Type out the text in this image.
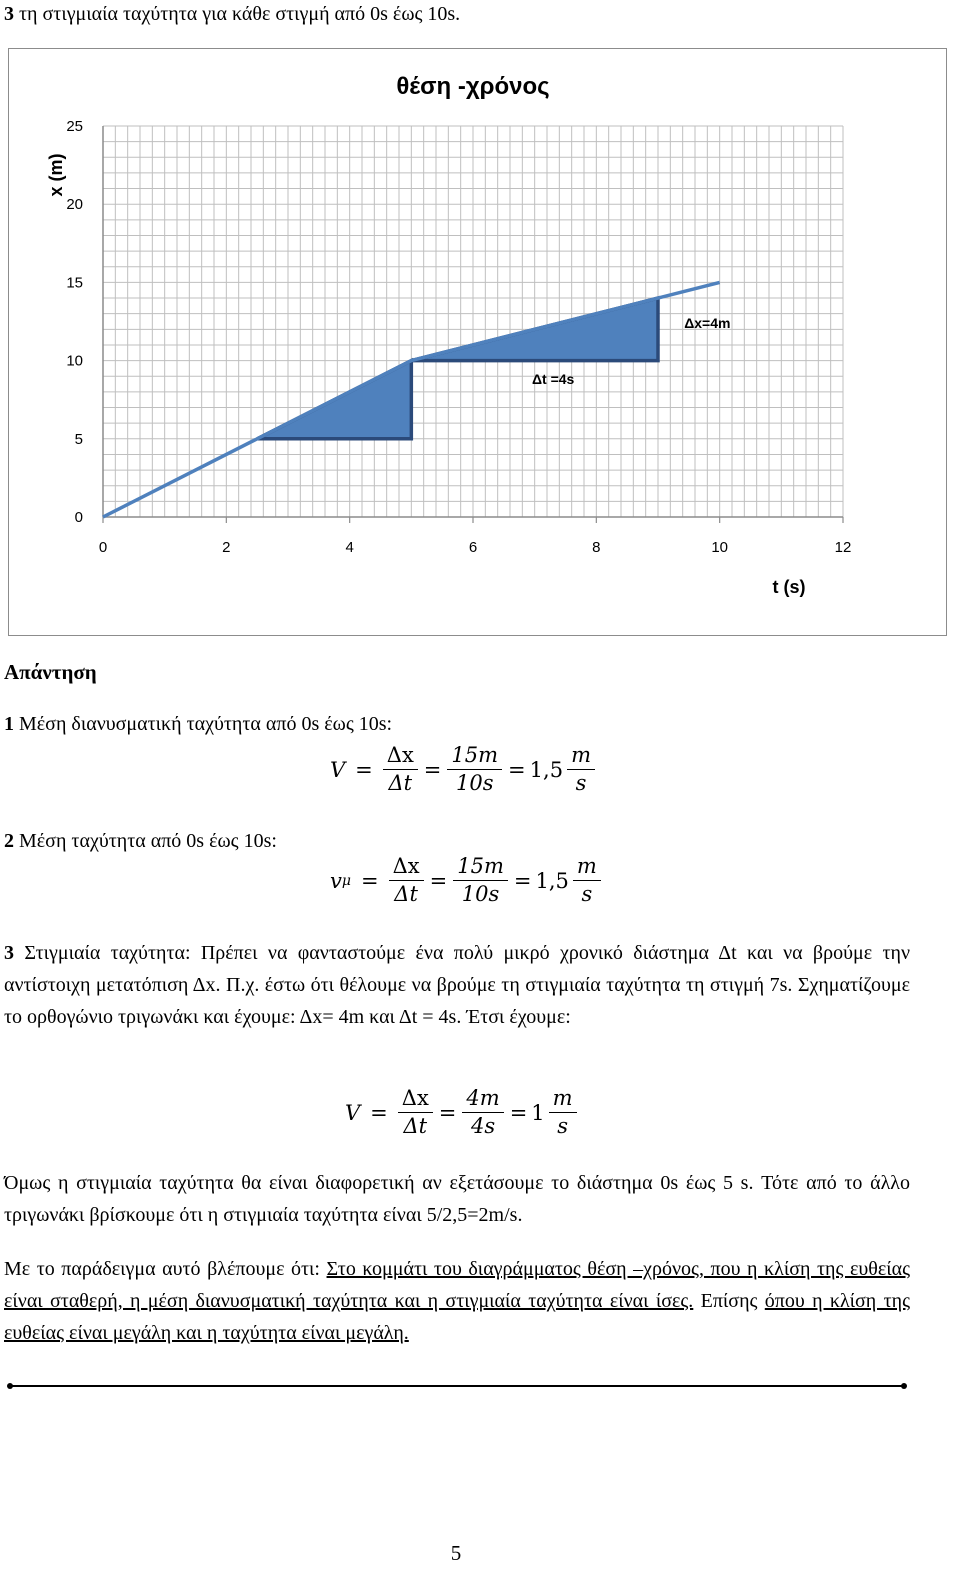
3 τη στιγμιαία ταχύτητα για κάθε στιγμή από 0s έως 10s.
0	2	4	6	8	10	12
0
5
10
15
20
25
θέση -χρόνος
t (s)
x (m)
Δx=4m
Δt =4s
Απάντηση
1 Μέση διανυσματική ταχύτητα από 0s έως 10s:
$V = \frac{\Delta x}{\Delta t} = \frac{15m}{10s} = 1,5 \frac{m}{s}$
2 Μέση ταχύτητα από 0s έως 10s:
v $\mu = \frac{\Delta x}{\Delta t} = \frac{15m}{10s} = 1,5 \frac{m}{s}$
3 Στιγμιαία ταχύτητα: Πρέπει να φανταστούμε ένα πολύ μικρό χρονικό διάστημα Δt και να βρούμε την αντίστοιχη μετατόπιση Δx. Π.χ. έστω ότι θέλουμε να βρούμε τη στιγμιαία ταχύτητα τη στιγμή 7s. Σχηματίζουμε το ορθογώνιο τριγωνάκι και έχουμε: Δx= 4m και Δt = 4s. Έτσι έχουμε:
$V = \frac{\Delta x}{\Delta t} = \frac{4m}{4s} = 1 \frac{m}{s}$
Όμως η στιγμιαία ταχύτητα θα είναι διαφορετική αν εξετάσουμε το διάστημα 0s έως 5 s. Τότε από το άλλο τριγωνάκι βρίσκουμε ότι η στιγμιαία ταχύτητα είναι 5/2,5=2m/s.
Με το παράδειγμα αυτό βλέπουμε ότι: Στο κομμάτι του διαγράμματος θέση –χρόνος, που η κλίση της ευθείας είναι σταθερή, η μέση διανυσματική ταχύτητα και η στιγμιαία ταχύτητα είναι ίσες. Επίσης όπου η κλίση της ευθείας είναι μεγάλη και η ταχύτητα είναι μεγάλη.
5
